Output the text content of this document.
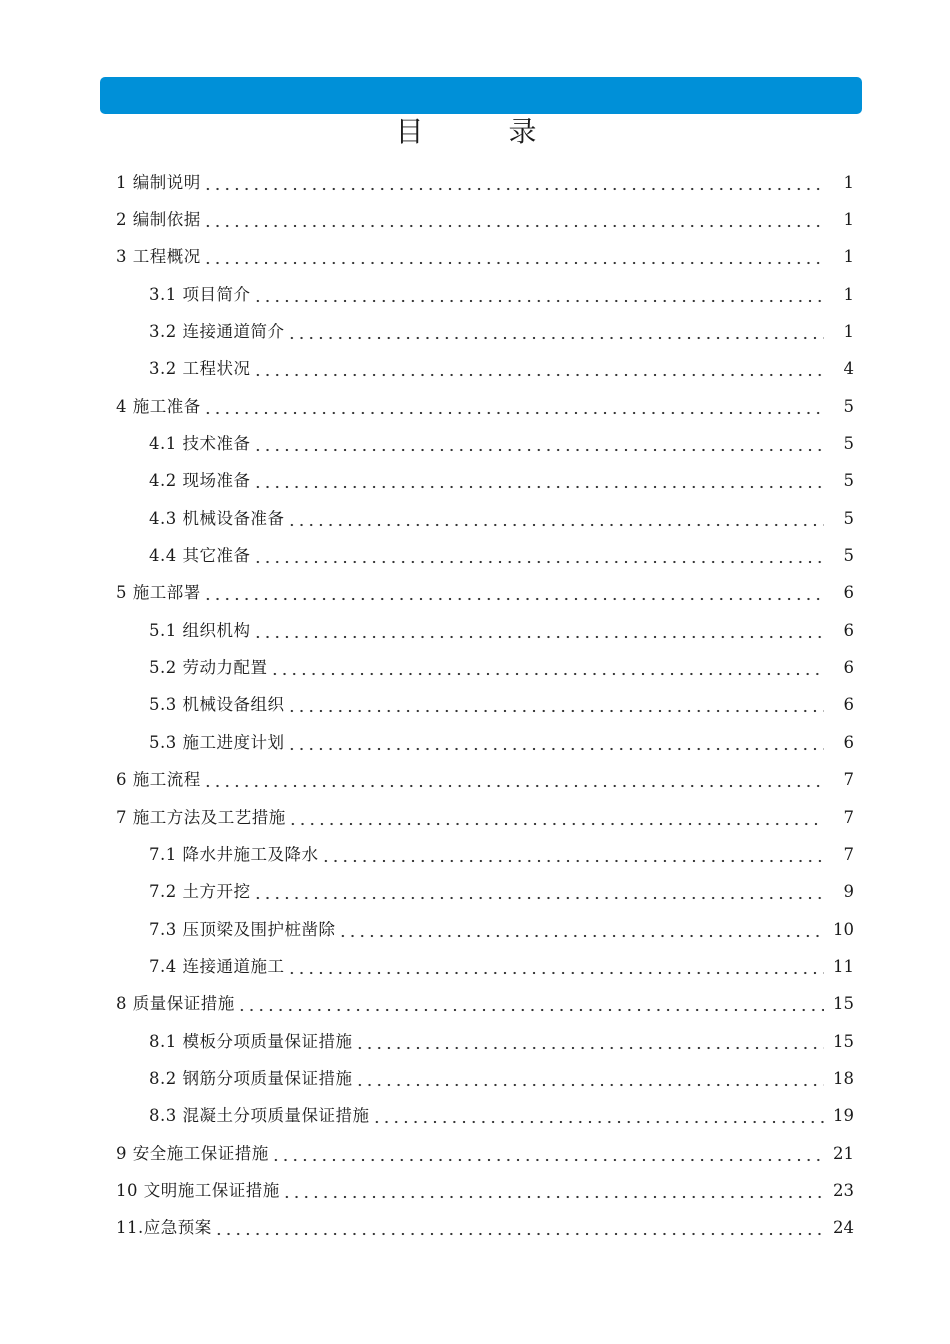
目 录
1 编制说明	1
2 编制依据	1
3 工程概况	1
3.1 项目简介	1
3.2 连接通道简介	1
3.2 工程状况	4
4 施工准备	5
4.1 技术准备	5
4.2 现场准备	5
4.3 机械设备准备	5
4.4 其它准备	5
5 施工部署	6
5.1 组织机构	6
5.2 劳动力配置	6
5.3 机械设备组织	6
5.3 施工进度计划	6
6 施工流程	7
7 施工方法及工艺措施	7
7.1 降水井施工及降水	7
7.2 土方开挖	9
7.3 压顶梁及围护桩凿除	10
7.4 连接通道施工	11
8 质量保证措施	15
8.1 模板分项质量保证措施	15
8.2 钢筋分项质量保证措施	18
8.3 混凝土分项质量保证措施	19
9 安全施工保证措施	21
10 文明施工保证措施	23
11.应急预案	24
